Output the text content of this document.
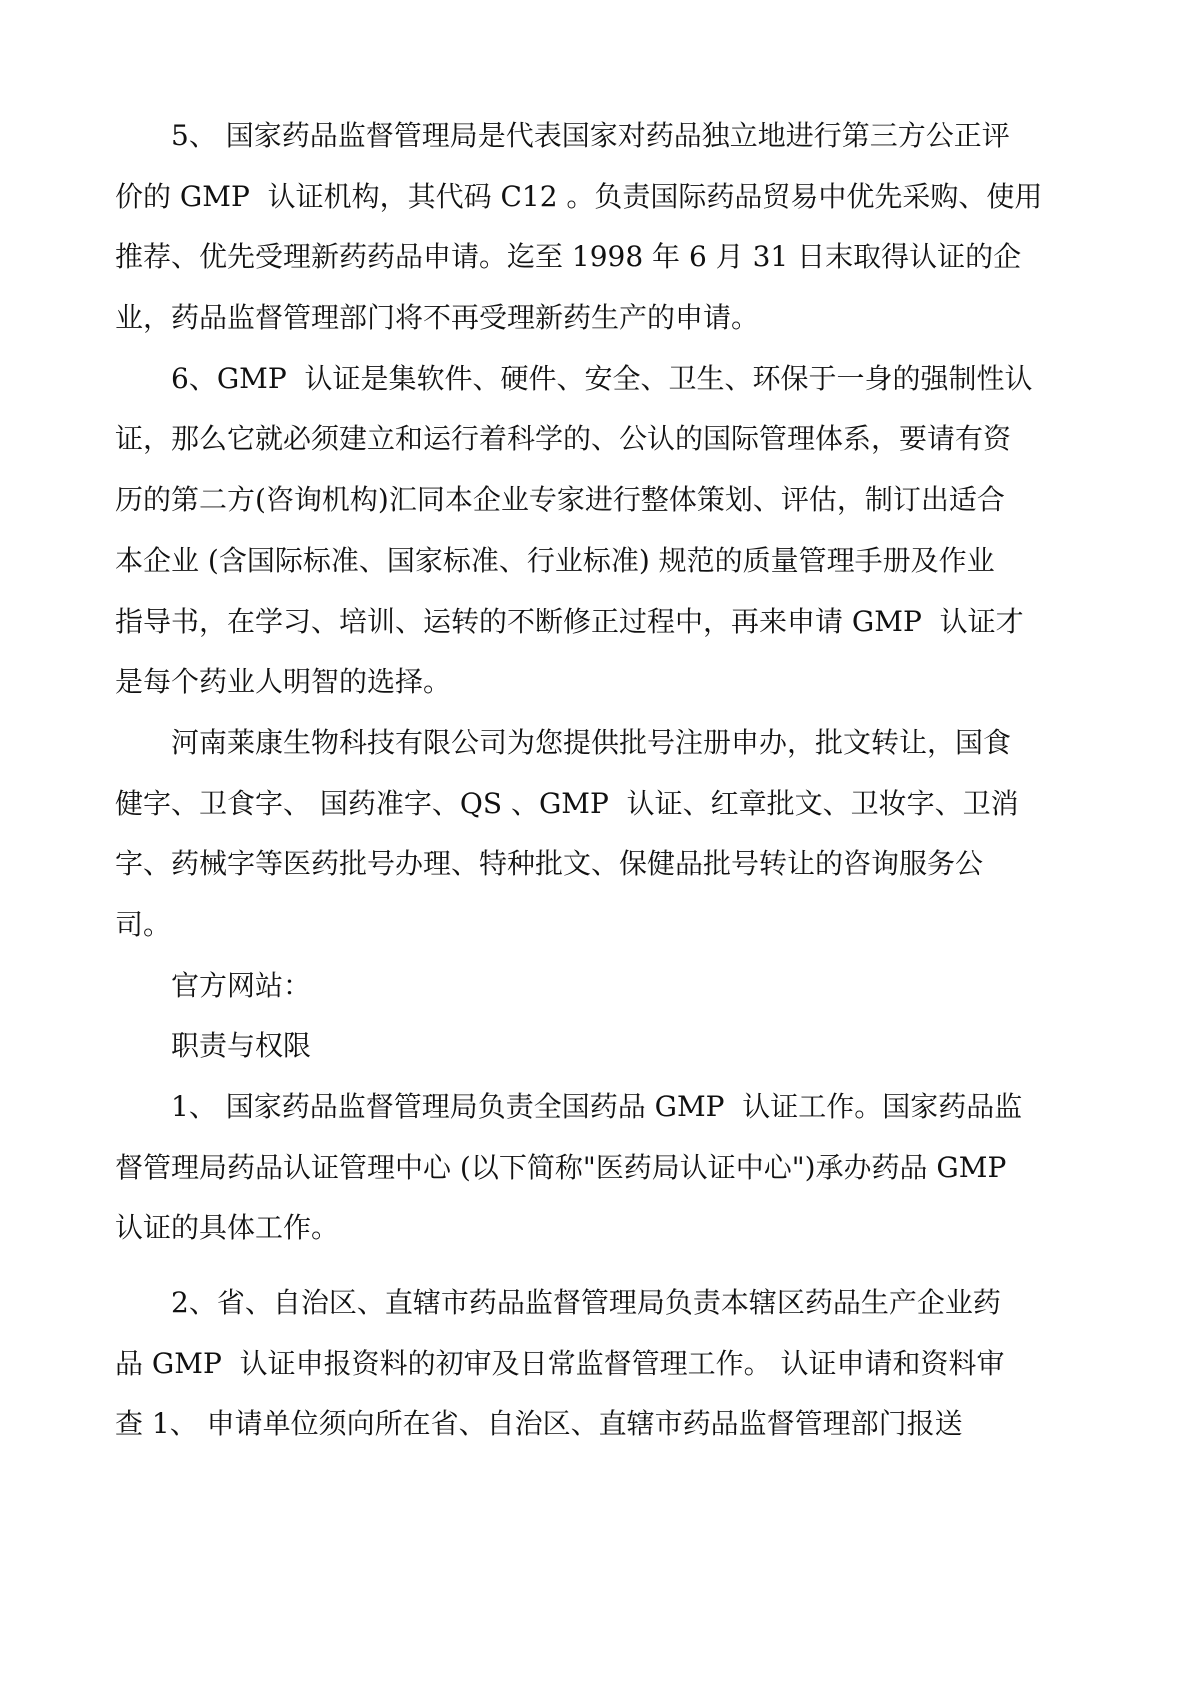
5、 国家药品监督管理局是代表国家对药品独立地进行第三方公正评
价的 GMP  认证机构，其代码 C12 。负责国际药品贸易中优先采购、使用
推荐、优先受理新药药品申请。迄至 1998 年 6 月 31 日末取得认证的企
业，药品监督管理部门将不再受理新药生产的申请。
6、GMP  认证是集软件、硬件、安全、卫生、环保于一身的强制性认
证，那么它就必须建立和运行着科学的、公认的国际管理体系，要请有资
历的第二方(咨询机构)汇同本企业专家进行整体策划、评估，制订出适合
本企业 (含国际标准、国家标准、行业标准) 规范的质量管理手册及作业
指导书，在学习、培训、运转的不断修正过程中，再来申请 GMP  认证才
是每个药业人明智的选择。
河南莱康生物科技有限公司为您提供批号注册申办，批文转让，国食
健字、卫食字、 国药准字、QS 、GMP  认证、红章批文、卫妆字、卫消
字、药械字等医药批号办理、特种批文、保健品批号转让的咨询服务公
司。
官方网站：
职责与权限
1、 国家药品监督管理局负责全国药品 GMP  认证工作。国家药品监
督管理局药品认证管理中心 (以下简称"医药局认证中心")承办药品 GMP
认证的具体工作。
2、省、自治区、直辖市药品监督管理局负责本辖区药品生产企业药
品 GMP  认证申报资料的初审及日常监督管理工作。 认证申请和资料审
查 1、 申请单位须向所在省、自治区、直辖市药品监督管理部门报送
